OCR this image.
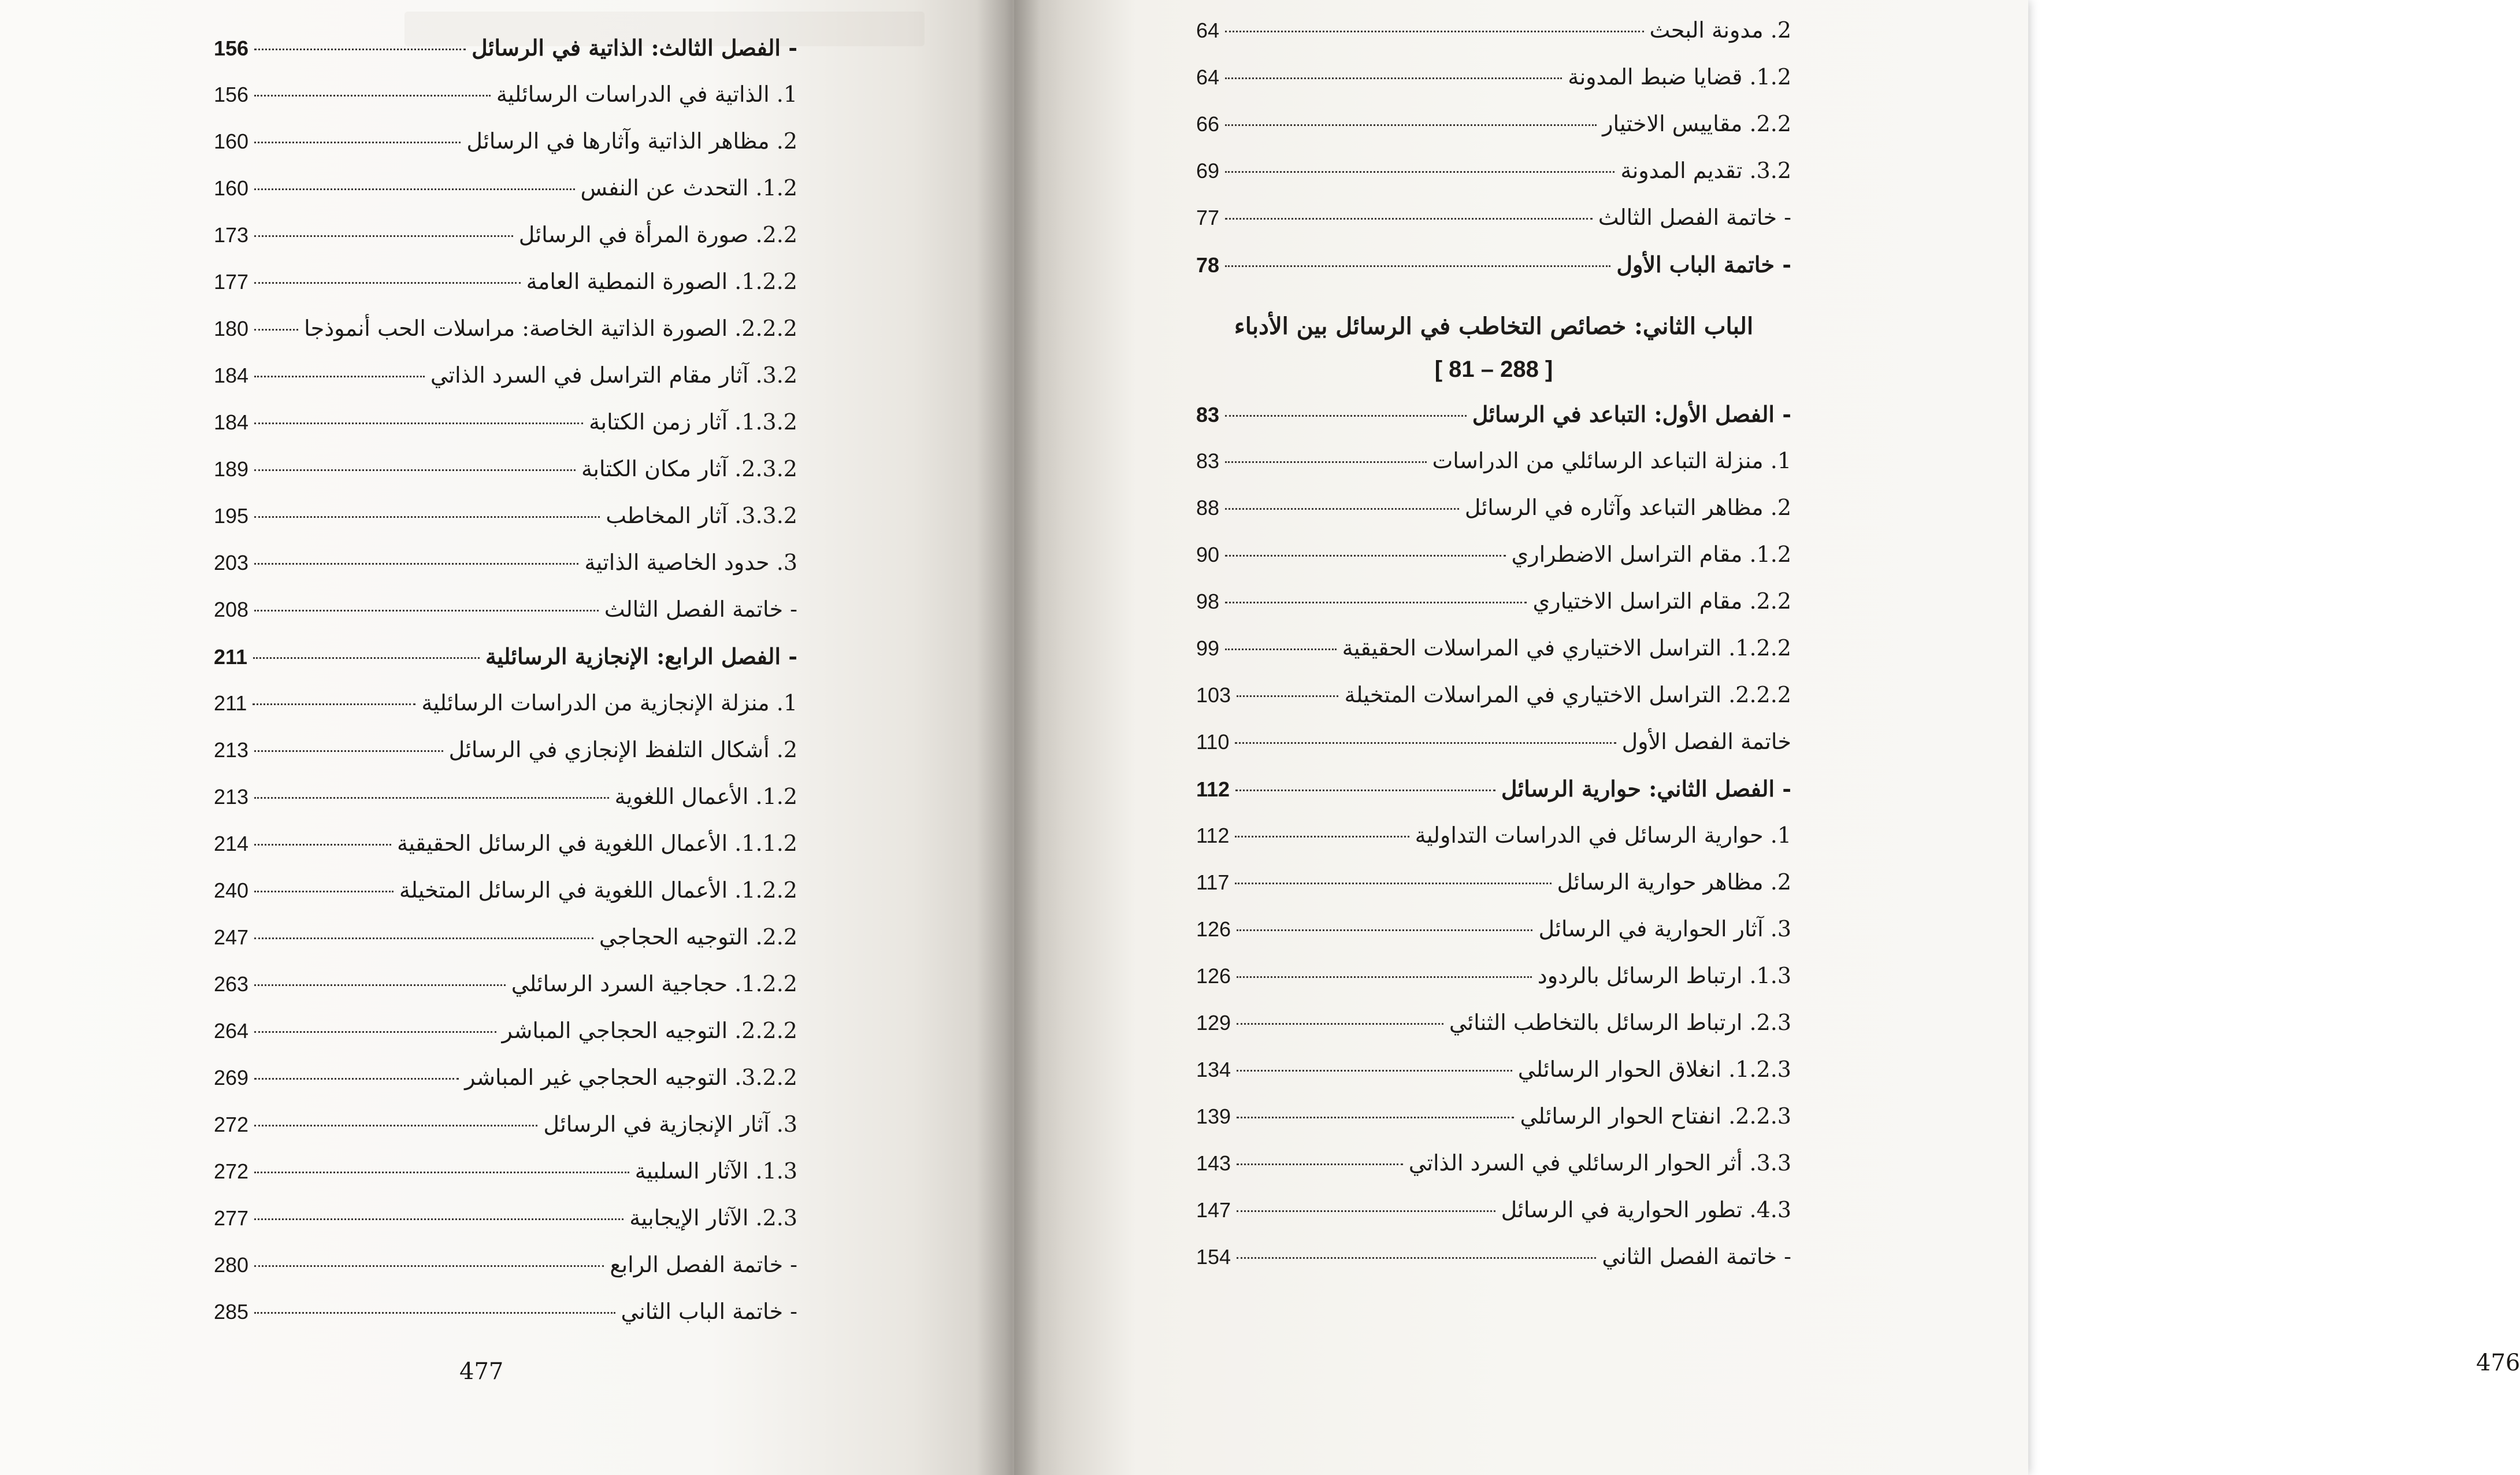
- الفصل الثالث: الذاتية في الرسائل
156
1. الذاتية في الدراسات الرسائلية
156
2. مظاهر الذاتية وآثارها في الرسائل
160
1.2. التحدث عن النفس
160
2.2. صورة المرأة في الرسائل
173
1.2.2. الصورة النمطية العامة
177
2.2.2. الصورة الذاتية الخاصة: مراسلات الحب أنموذجا
180
3.2. آثار مقام التراسل في السرد الذاتي
184
1.3.2. آثار زمن الكتابة
184
2.3.2. آثار مكان الكتابة
189
3.3.2. آثار المخاطب
195
3. حدود الخاصية الذاتية
203
- خاتمة الفصل الثالث
208
- الفصل الرابع: الإنجازية الرسائلية
211
1. منزلة الإنجازية من الدراسات الرسائلية
211
2. أشكال التلفظ الإنجازي في الرسائل
213
1.2. الأعمال اللغوية
213
1.1.2. الأعمال اللغوية في الرسائل الحقيقية
214
1.2.2. الأعمال اللغوية في الرسائل المتخيلة
240
2.2. التوجيه الحجاجي
247
1.2.2. حجاجية السرد الرسائلي
263
2.2.2. التوجيه الحجاجي المباشر
264
3.2.2. التوجيه الحجاجي غير المباشر
269
3. آثار الإنجازية في الرسائل
272
1.3. الآثار السلبية
272
2.3. الآثار الإيجابية
277
- خاتمة الفصل الرابع
280
- خاتمة الباب الثاني
285
477
2. مدونة البحث
64
1.2. قضايا ضبط المدونة
64
2.2. مقاييس الاختيار
66
3.2. تقديم المدونة
69
- خاتمة الفصل الثالث
77
- خاتمة الباب الأول
78
الباب الثاني: خصائص التخاطب في الرسائل بين الأدباء
[ 81 – 288 ]
- الفصل الأول: التباعد في الرسائل
83
1. منزلة التباعد الرسائلي من الدراسات
83
2. مظاهر التباعد وآثاره في الرسائل
88
1.2. مقام التراسل الاضطراري
90
2.2. مقام التراسل الاختياري
98
1.2.2. التراسل الاختياري في المراسلات الحقيقية
99
2.2.2. التراسل الاختياري في المراسلات المتخيلة
103
خاتمة الفصل الأول
110
- الفصل الثاني: حوارية الرسائل
112
1. حوارية الرسائل في الدراسات التداولية
112
2. مظاهر حوارية الرسائل
117
3. آثار الحوارية في الرسائل
126
1.3. ارتباط الرسائل بالردود
126
2.3. ارتباط الرسائل بالتخاطب الثنائي
129
1.2.3. انغلاق الحوار الرسائلي
134
2.2.3. انفتاح الحوار الرسائلي
139
3.3. أثر الحوار الرسائلي في السرد الذاتي
143
4.3. تطور الحوارية في الرسائل
147
- خاتمة الفصل الثاني
154
476
